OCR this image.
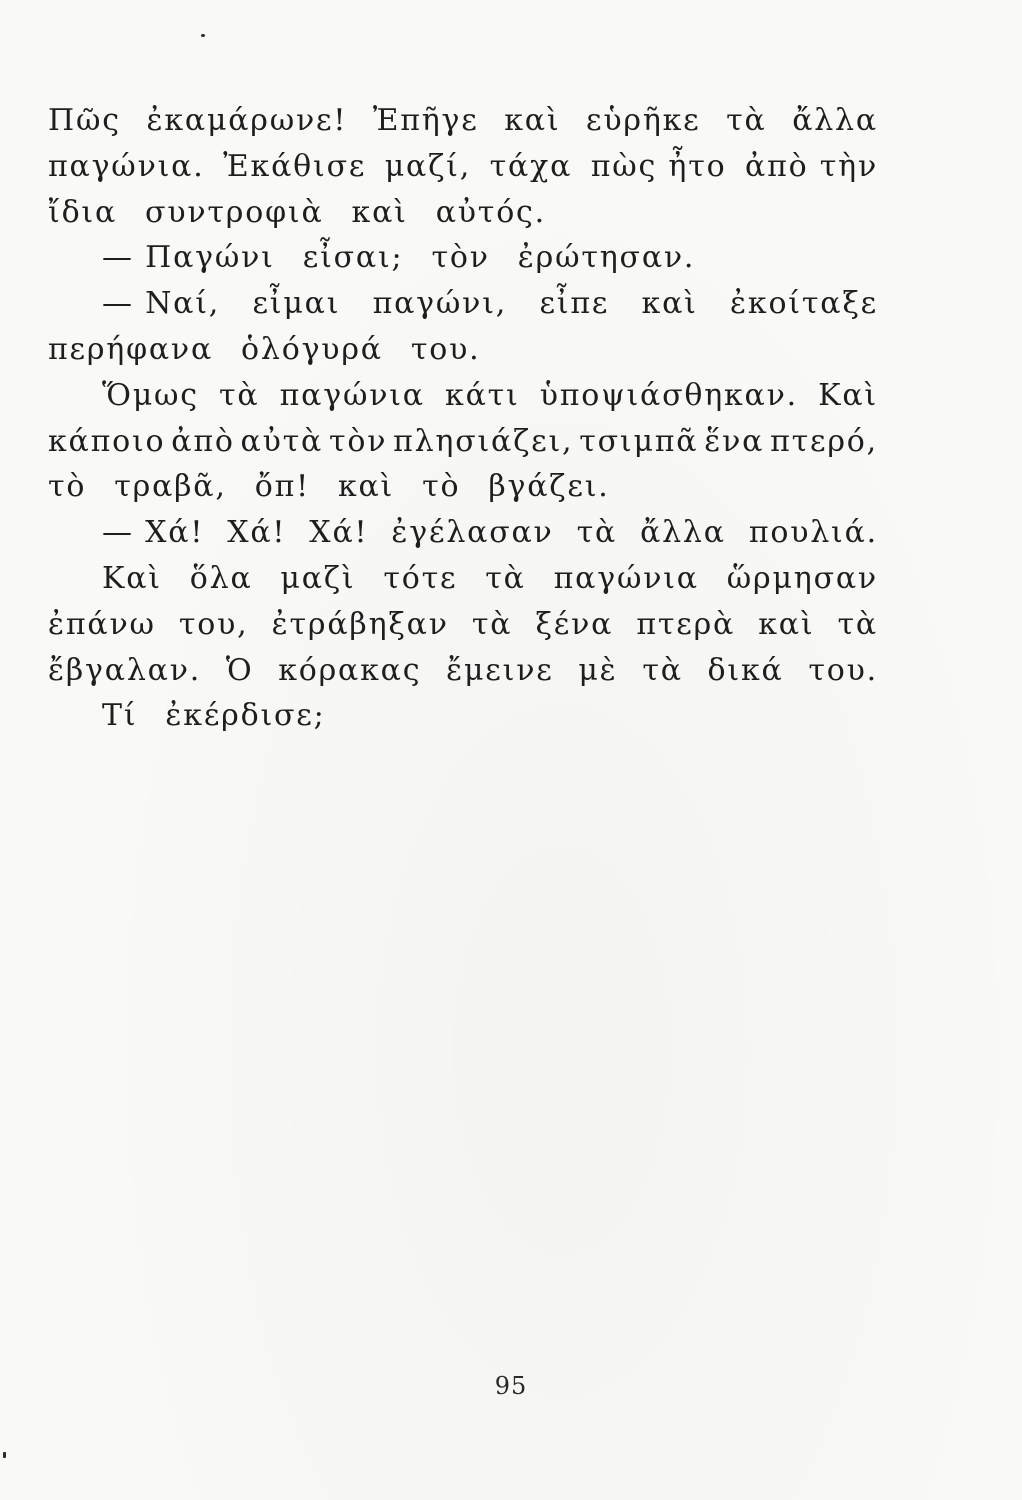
Πῶς ἐκαμάρωνε! Ἐπῆγε καὶ εὑρῆκε τὰ ἄλλα
παγώνια. Ἐκάθισε μαζί, τάχα πὼς ἦτο ἀπὸ τὴν
ἴδια συντροφιὰ καὶ αὐτός.
— Παγώνι εἶσαι; τὸν ἐρώτησαν.
— Ναί, εἶμαι παγώνι, εἶπε καὶ ἐκοίταξε
περήφανα ὁλόγυρά του.
Ὅμως τὰ παγώνια κάτι ὑποψιάσθηκαν. Καὶ
κάποιο ἀπὸ αὐτὰ τὸν πλησιάζει, τσιμπᾶ ἕνα πτερό,
τὸ τραβᾶ, ὄπ! καὶ τὸ βγάζει.
— Χά! Χά! Χά! ἐγέλασαν τὰ ἄλλα πουλιά.
Καὶ ὅλα μαζὶ τότε τὰ παγώνια ὥρμησαν
ἐπάνω του, ἐτράβηξαν τὰ ξένα πτερὰ καὶ τὰ
ἔβγαλαν. Ὁ κόρακας ἔμεινε μὲ τὰ δικά του.
Τί ἐκέρδισε;
95
